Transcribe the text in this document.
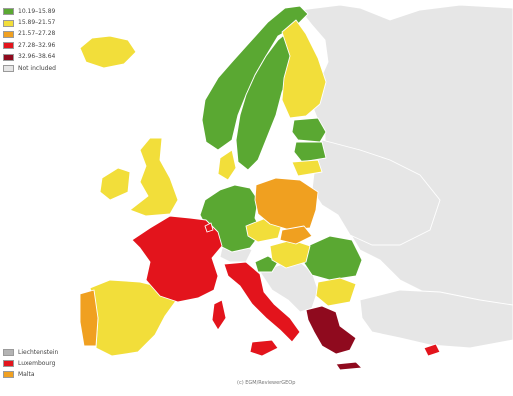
10.19–15.89
15.89–21.57
21.57–27.28
27.28–32.96
32.96–38.64
Not included
Liechtenstein
Luxembourg
Malta
(c) EGM/ReviewerGEOp
